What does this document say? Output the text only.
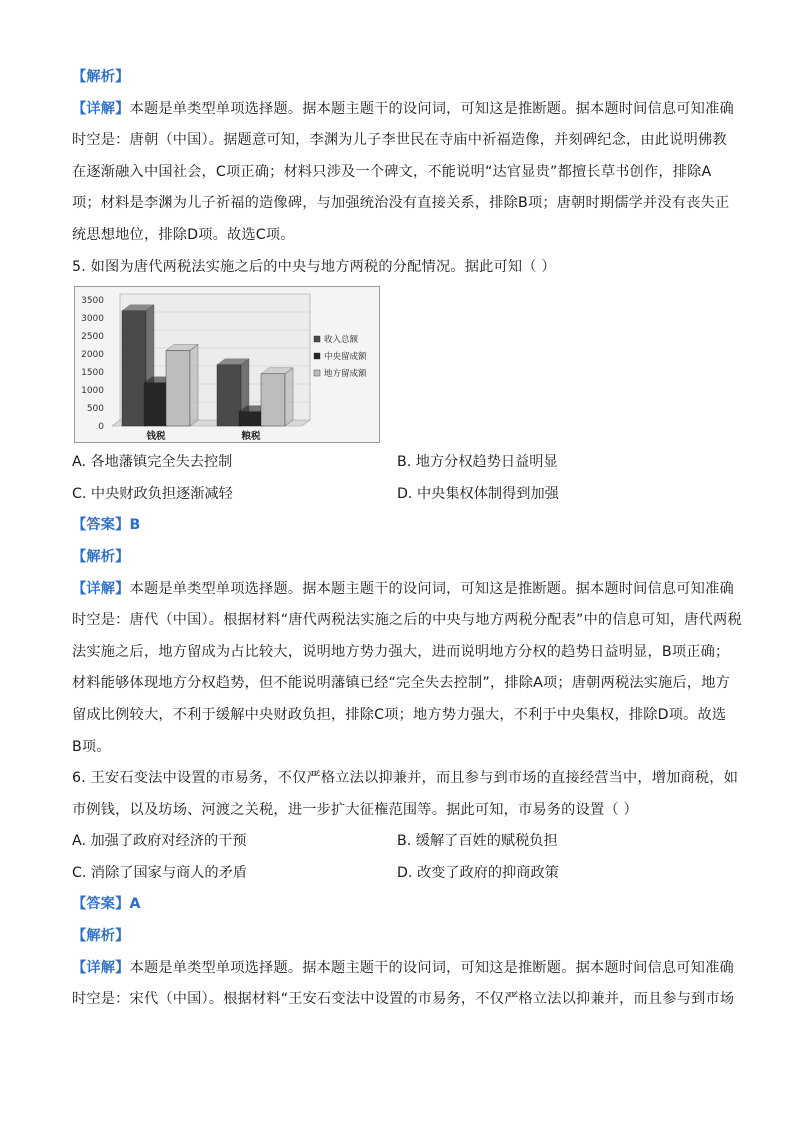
【解析】
【详解】本题是单类型单项选择题。据本题主题干的设问词，可知这是推断题。据本题时间信息可知准确
时空是：唐朝（中国）。据题意可知，李渊为儿子李世民在寺庙中祈福造像，并刻碑纪念，由此说明佛教
在逐渐融入中国社会，C项正确；材料只涉及一个碑文，不能说明“达官显贵”都擅长草书创作，排除A
项；材料是李渊为儿子祈福的造像碑，与加强统治没有直接关系，排除B项；唐朝时期儒学并没有丧失正
统思想地位，排除D项。故选C项。
5. 如图为唐代两税法实施之后的中央与地方两税的分配情况。据此可知（ ）
3500
3000
2500
2000
1500
1000
500
0
钱税	粮税
收入总额
中央留成额
地方留成额
A. 各地藩镇完全失去控制	B. 地方分权趋势日益明显
C. 中央财政负担逐渐减轻	D. 中央集权体制得到加强
【答案】B
【解析】
【详解】本题是单类型单项选择题。据本题主题干的设问词，可知这是推断题。据本题时间信息可知准确
时空是：唐代（中国）。根据材料“唐代两税法实施之后的中央与地方两税分配表”中的信息可知，唐代两税
法实施之后，地方留成为占比较大，说明地方势力强大，进而说明地方分权的趋势日益明显，B项正确；
材料能够体现地方分权趋势，但不能说明藩镇已经“完全失去控制”，排除A项；唐朝两税法实施后，地方
留成比例较大，不利于缓解中央财政负担，排除C项；地方势力强大，不利于中央集权，排除D项。故选
B项。
6. 王安石变法中设置的市易务，不仅严格立法以抑兼并，而且参与到市场的直接经营当中，增加商税，如
市例钱，以及坊场、河渡之关税，进一步扩大征権范围等。据此可知，市易务的设置（ ）
A. 加强了政府对经济的干预	B. 缓解了百姓的赋税负担
C. 消除了国家与商人的矛盾	D. 改变了政府的抑商政策
【答案】A
【解析】
【详解】本题是单类型单项选择题。据本题主题干的设问词，可知这是推断题。据本题时间信息可知准确
时空是：宋代（中国）。根据材料“王安石变法中设置的市易务，不仅严格立法以抑兼并，而且参与到市场
